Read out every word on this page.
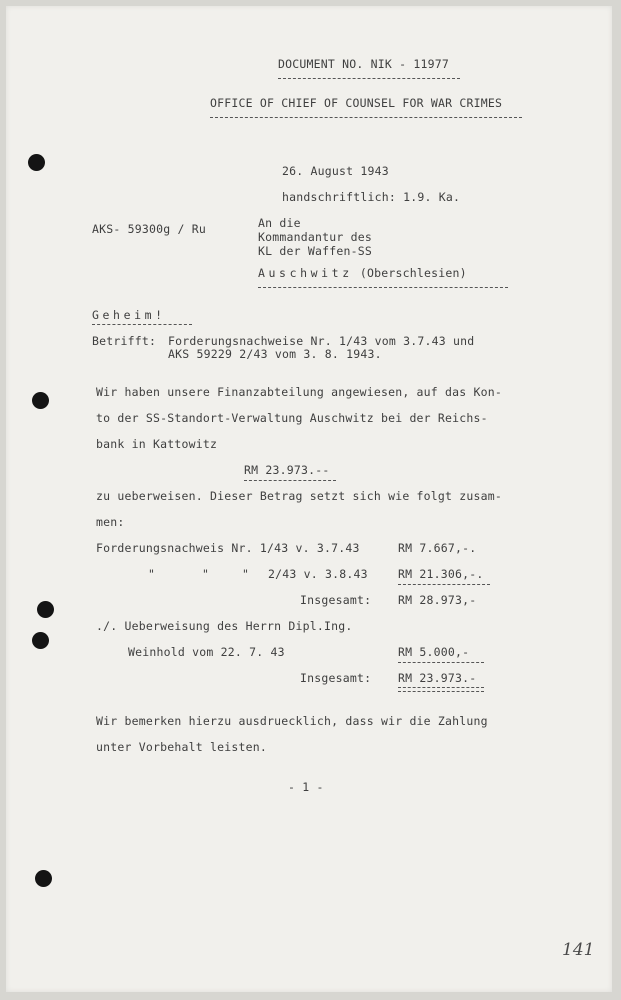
DOCUMENT NO. NIK - 11977
OFFICE OF CHIEF OF COUNSEL FOR WAR CRIMES
26. August 1943
handschriftlich: 1.9. Ka.
AKS- 59300g / Ru	An die
Kommandantur des
KL der Waffen-SS
Auschwitz (Oberschlesien)
Geheim!
Betrifft: Forderungsnachweise Nr. 1/43 vom 3.7.43 und
AKS 59229 2/43 vom 3. 8. 1943.
Wir haben unsere Finanzabteilung angewiesen, auf das Kon-
to der SS-Standort-Verwaltung Auschwitz bei der Reichs-
bank in Kattowitz
RM 23.973.--
zu ueberweisen. Dieser Betrag setzt sich wie folgt zusam-
men:
Forderungsnachweis Nr. 1/43 v. 3.7.43	RM 7.667,-.
"	"	" 2/43 v. 3.8.43	RM 21.306,-.
Insgesamt: RM 28.973,-
./. Ueberweisung des Herrn Dipl.Ing.
Weinhold vom 22. 7. 43	RM 5.000,-
Insgesamt: RM 23.973.-
Wir bemerken hierzu ausdruecklich, dass wir die Zahlung
unter Vorbehalt leisten.
- 1 -
141
